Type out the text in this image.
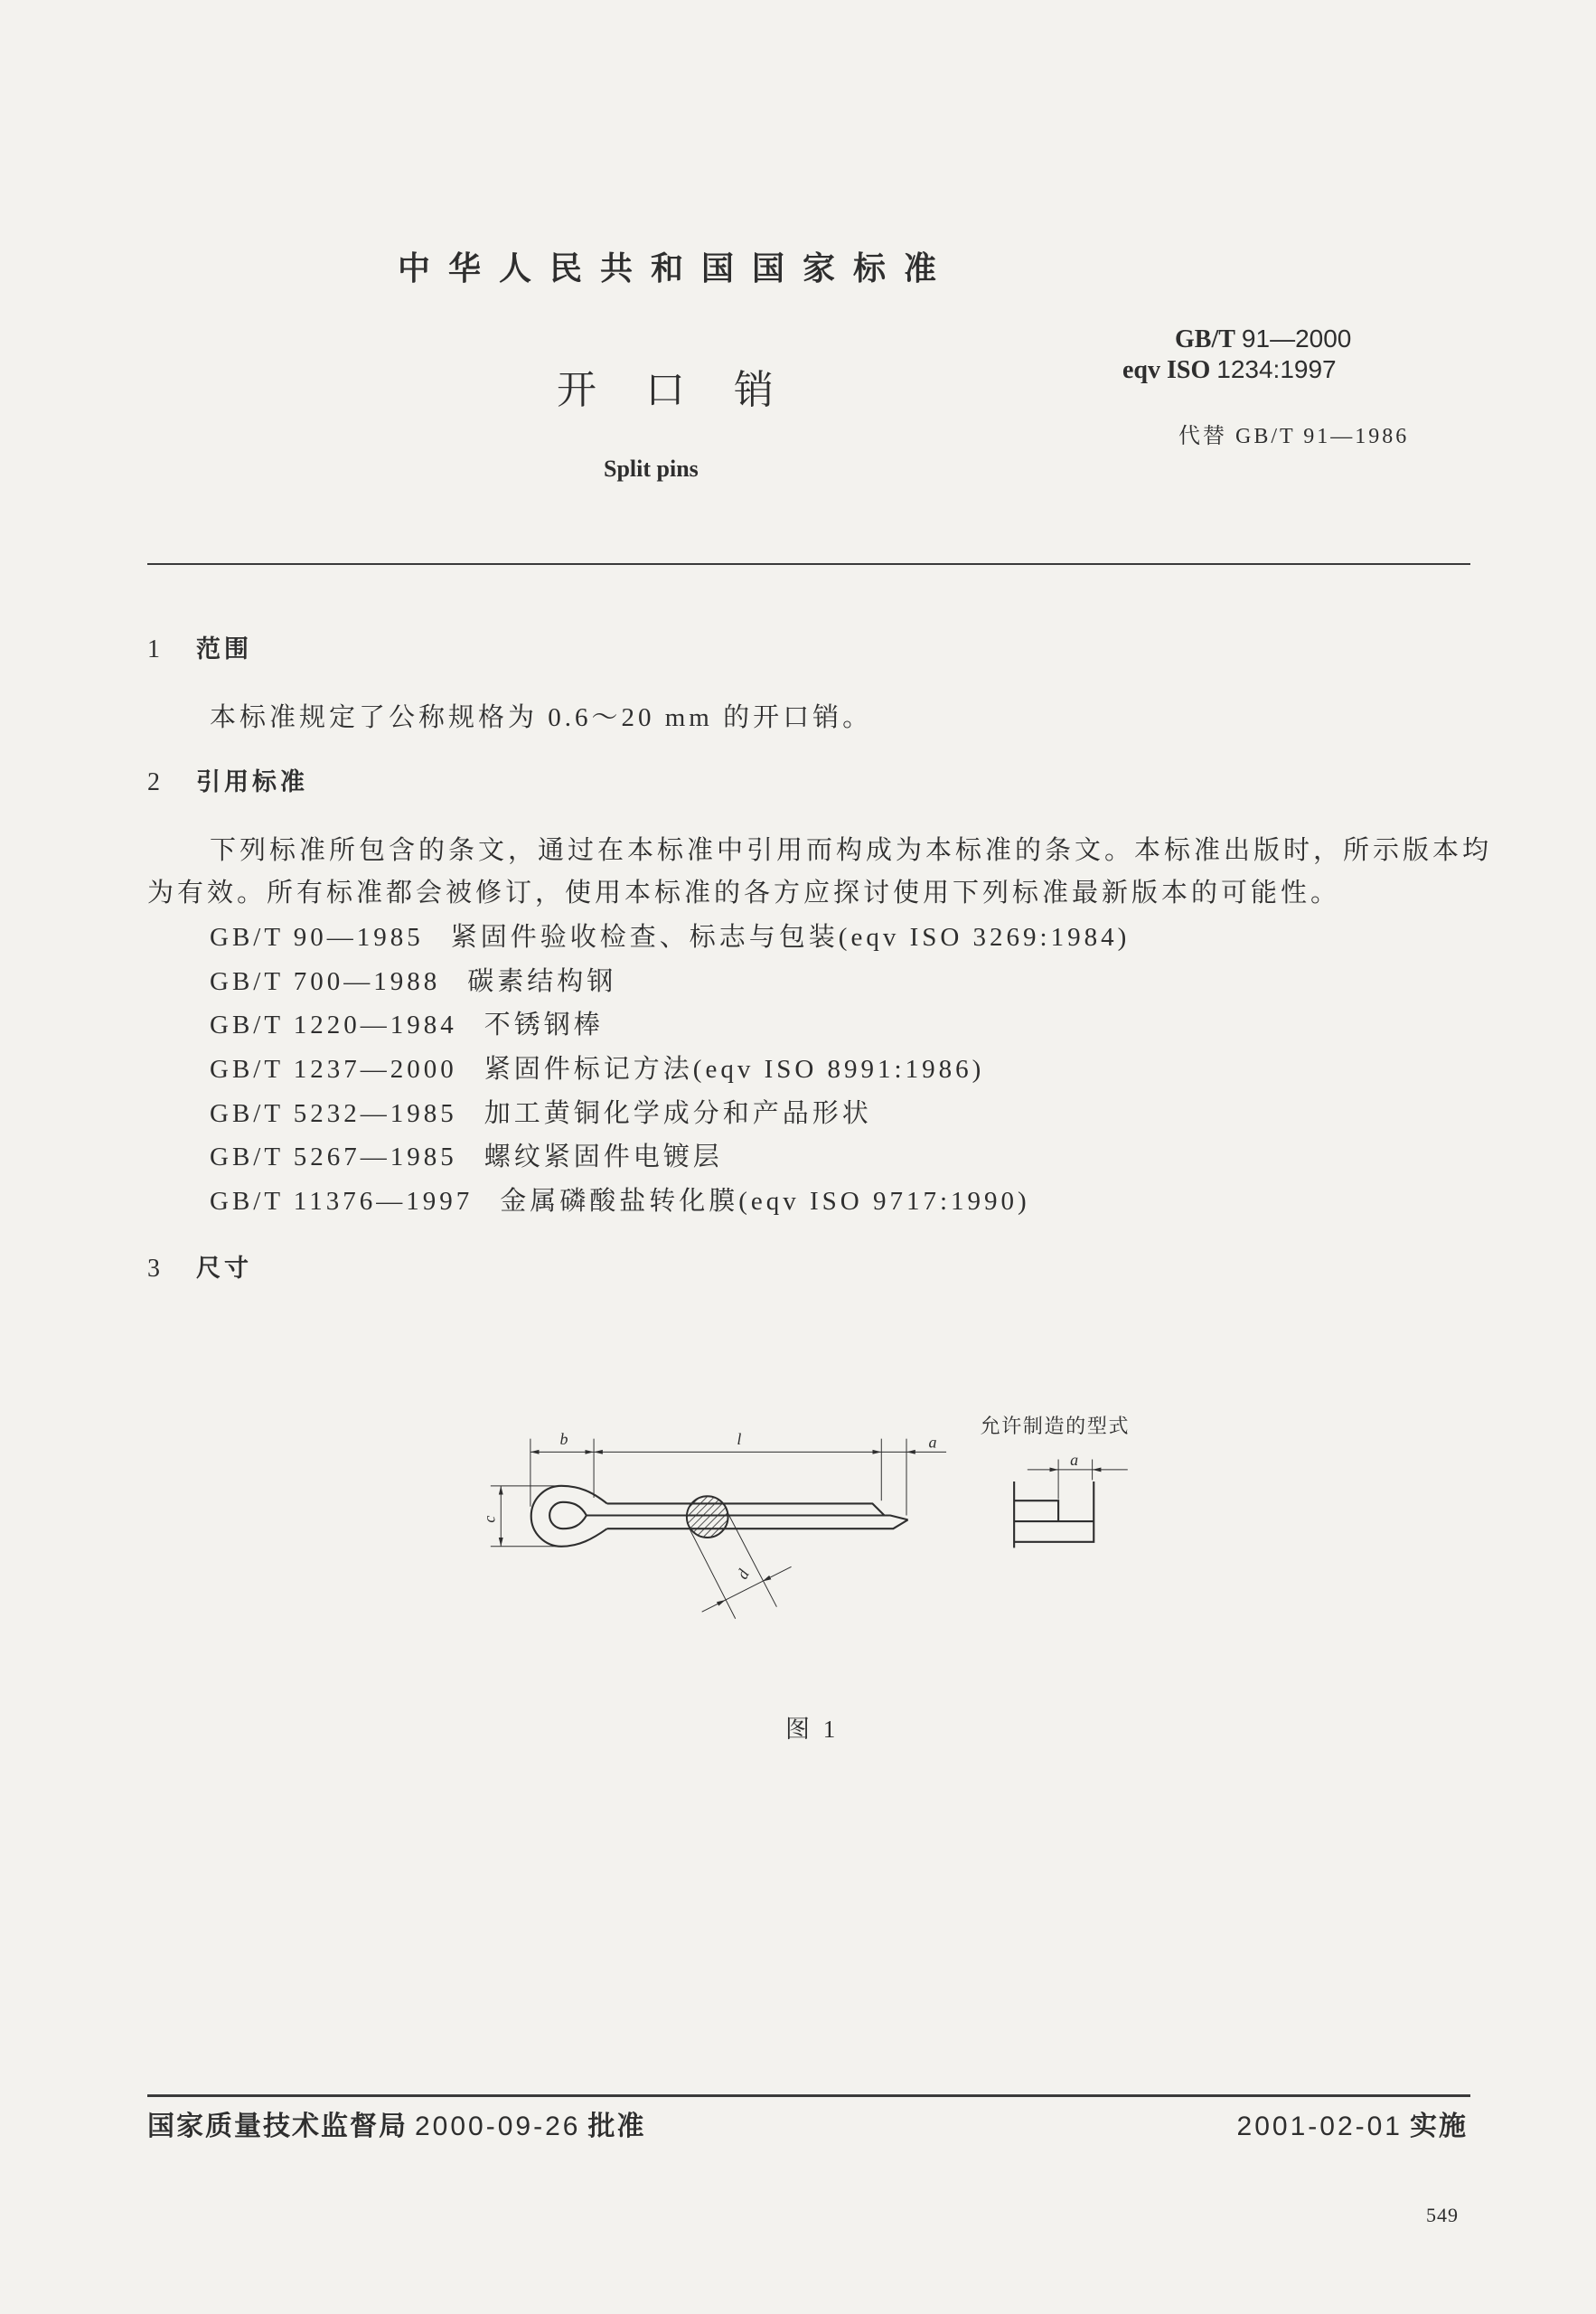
中华人民共和国国家标准
GB/T 91—2000
eqv ISO 1234:1997
开口销
代替 GB/T 91—1986
Split pins
1 范围
本标准规定了公称规格为 0.6～20 mm 的开口销。
2 引用标准
下列标准所包含的条文，通过在本标准中引用而构成为本标准的条文。本标准出版时，所示版本均
为有效。所有标准都会被修订，使用本标准的各方应探讨使用下列标准最新版本的可能性。
GB/T 90—1985 紧固件验收检查、标志与包装(eqv ISO 3269:1984)
GB/T 700—1988 碳素结构钢
GB/T 1220—1984 不锈钢棒
GB/T 1237—2000 紧固件标记方法(eqv ISO 8991:1986)
GB/T 5232—1985 加工黄铜化学成分和产品形状
GB/T 5267—1985 螺纹紧固件电镀层
GB/T 11376—1997 金属磷酸盐转化膜(eqv ISO 9717:1990)
3 尺寸
b	l	a
c
d
允许制造的型式
a
图 1
国家质量技术监督局 2000-09-26 批准	2001-02-01 实施
549
